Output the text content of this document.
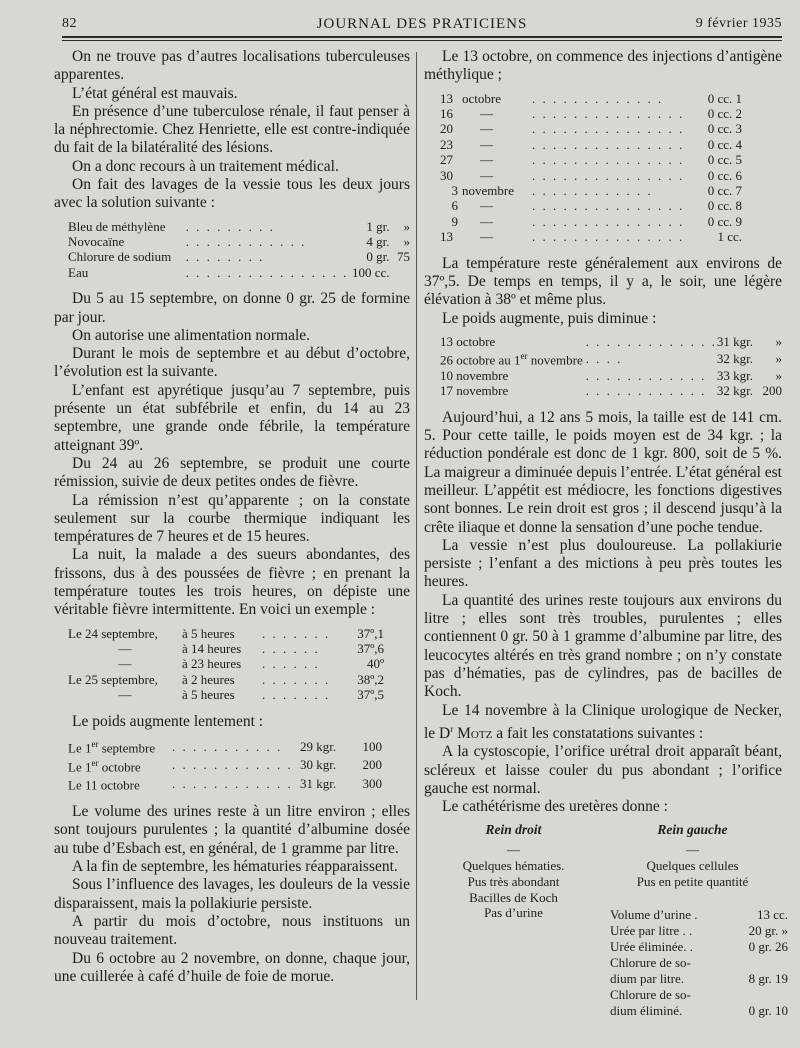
82	JOURNAL DES PRATICIENS	9 février 1935

On ne trouve pas d’autres localisations tuberculeuses apparentes.

L’état général est mauvais.

En présence d’une tuberculose rénale, il faut penser à la néphrectomie. Chez Henriette, elle est contre-indiquée du fait de la bilatéralité des lésions.

On a donc recours à un traitement médical.

On fait des lavages de la vessie tous les deux jours avec la solution suivante :

Bleu de méthylène	. . . . . . . . .	1 gr.	»
Novocaïne	. . . . . . . . . . . .	4 gr.	»
Chlorure de sodium	. . . . . . . .	0 gr.	75
Eau	. . . . . . . . . . . . . . . .	100 cc.	

Du 5 au 15 septembre, on donne 0 gr. 25 de formine par jour.

On autorise une alimentation normale.

Durant le mois de septembre et au début d’octobre, l’évolution est la suivante.

L’enfant est apyrétique jusqu’au 7 septembre, puis présente un état subfébrile et enfin, du 14 au 23 septembre, une grande onde fébrile, la température atteignant 39º.

Du 24 au 26 septembre, se produit une courte rémission, suivie de deux petites ondes de fièvre.

La rémission n’est qu’apparente ; on la constate seulement sur la courbe thermique indiquant les températures de 7 heures et de 15 heures.

La nuit, la malade a des sueurs abondantes, des frissons, dus à des poussées de fièvre ; en prenant la température toutes les trois heures, on dépiste une véritable fièvre intermittente. En voici un exemple :

Le 24 septembre,	à 5 heures	. . . . . . .	37º,1
—	à 14 heures	. . . . . .	37º,6
—	à 23 heures	. . . . . .	40º
Le 25 septembre,	à 2 heures	. . . . . . .	38º,2
—	à 5 heures	. . . . . . .	37º,5

Le poids augmente lentement :

Le 1er septembre	. . . . . . . . . . .	29 kgr.	100
Le 1er octobre	. . . . . . . . . . . .	30 kgr.	200
Le 11 octobre	. . . . . . . . . . . .	31 kgr.	300

Le volume des urines reste à un litre environ ; elles sont toujours purulentes ; la quantité d’albumine dosée au tube d’Esbach est, en général, de 1 gramme par litre.

A la fin de septembre, les hématuries réapparaissent.

Sous l’influence des lavages, les douleurs de la vessie disparaissent, mais la pollakiurie persiste.

A partir du mois d’octobre, nous instituons un nouveau traitement.

Du 6 octobre au 2 novembre, on donne, chaque jour, une cuillerée à café d’huile de foie de morue.

Le 13 octobre, on commence des injections d’antigène méthylique ;

13	octobre	. . . . . . . . . . . . .	0 cc. 1
16	—	. . . . . . . . . . . . . . .	0 cc. 2
20	—	. . . . . . . . . . . . . . .	0 cc. 3
23	—	. . . . . . . . . . . . . . .	0 cc. 4
27	—	. . . . . . . . . . . . . . .	0 cc. 5
30	—	. . . . . . . . . . . . . . .	0 cc. 6
3	novembre	. . . . . . . . . . . .	0 cc. 7
6	—	. . . . . . . . . . . . . . .	0 cc. 8
9	—	. . . . . . . . . . . . . . .	0 cc. 9
13	—	. . . . . . . . . . . . . . .	1 cc.

La température reste généralement aux environs de 37º,5. De temps en temps, il y a, le soir, une légère élévation à 38º et même plus.

Le poids augmente, puis diminue :

13 octobre	. . . . . . . . . . . . .	31 kgr.	»
26 octobre au 1er novembre	. . . .	32 kgr.	»
10 novembre	. . . . . . . . . . . .	33 kgr.	»
17 novembre	. . . . . . . . . . . .	32 kgr.	200

Aujourd’hui, a 12 ans 5 mois, la taille est de 141 cm. 5. Pour cette taille, le poids moyen est de 34 kgr. ; la réduction pondérale est donc de 1 kgr. 800, soit de 5 %. La maigreur a diminuée depuis l’entrée. L’état général est meilleur. L’appétit est médiocre, les fonctions digestives sont bonnes. Le rein droit est gros ; il descend jusqu’à la crête iliaque et donne la sensation d’une poche tendue.

La vessie n’est plus douloureuse. La pollakiurie persiste ; l’enfant a des mictions à peu près toutes les heures.

La quantité des urines reste toujours aux environs du litre ; elles sont très troubles, purulentes ; elles contiennent 0 gr. 50 à 1 gramme d’albumine par litre, des leucocytes altérés en très grand nombre ; on n’y constate pas d’hématies, pas de cylindres, pas de bacilles de Koch.

Le 14 novembre à la Clinique urologique de Necker, le $D^r$ Motz a fait les constatations suivantes :

A la cystoscopie, l’orifice urétral droit apparaît béant, scléreux et laisse couler du pus abondant ; l’orifice gauche est normal.

Le cathétérisme des uretères donne :

Rein droit
—
Quelques hématies.
Pus très abondant
Bacilles de Koch
Pas d’urine
Rein gauche
—
Quelques cellules
Pus en petite quantité
Volume d’urine .	13 cc.
Urée par litre . .	20 gr. »
Urée éliminée. .	0 gr. 26
Chlorure de so-
dium par litre.	8 gr. 19
Chlorure de so-
dium éliminé.	0 gr. 10
